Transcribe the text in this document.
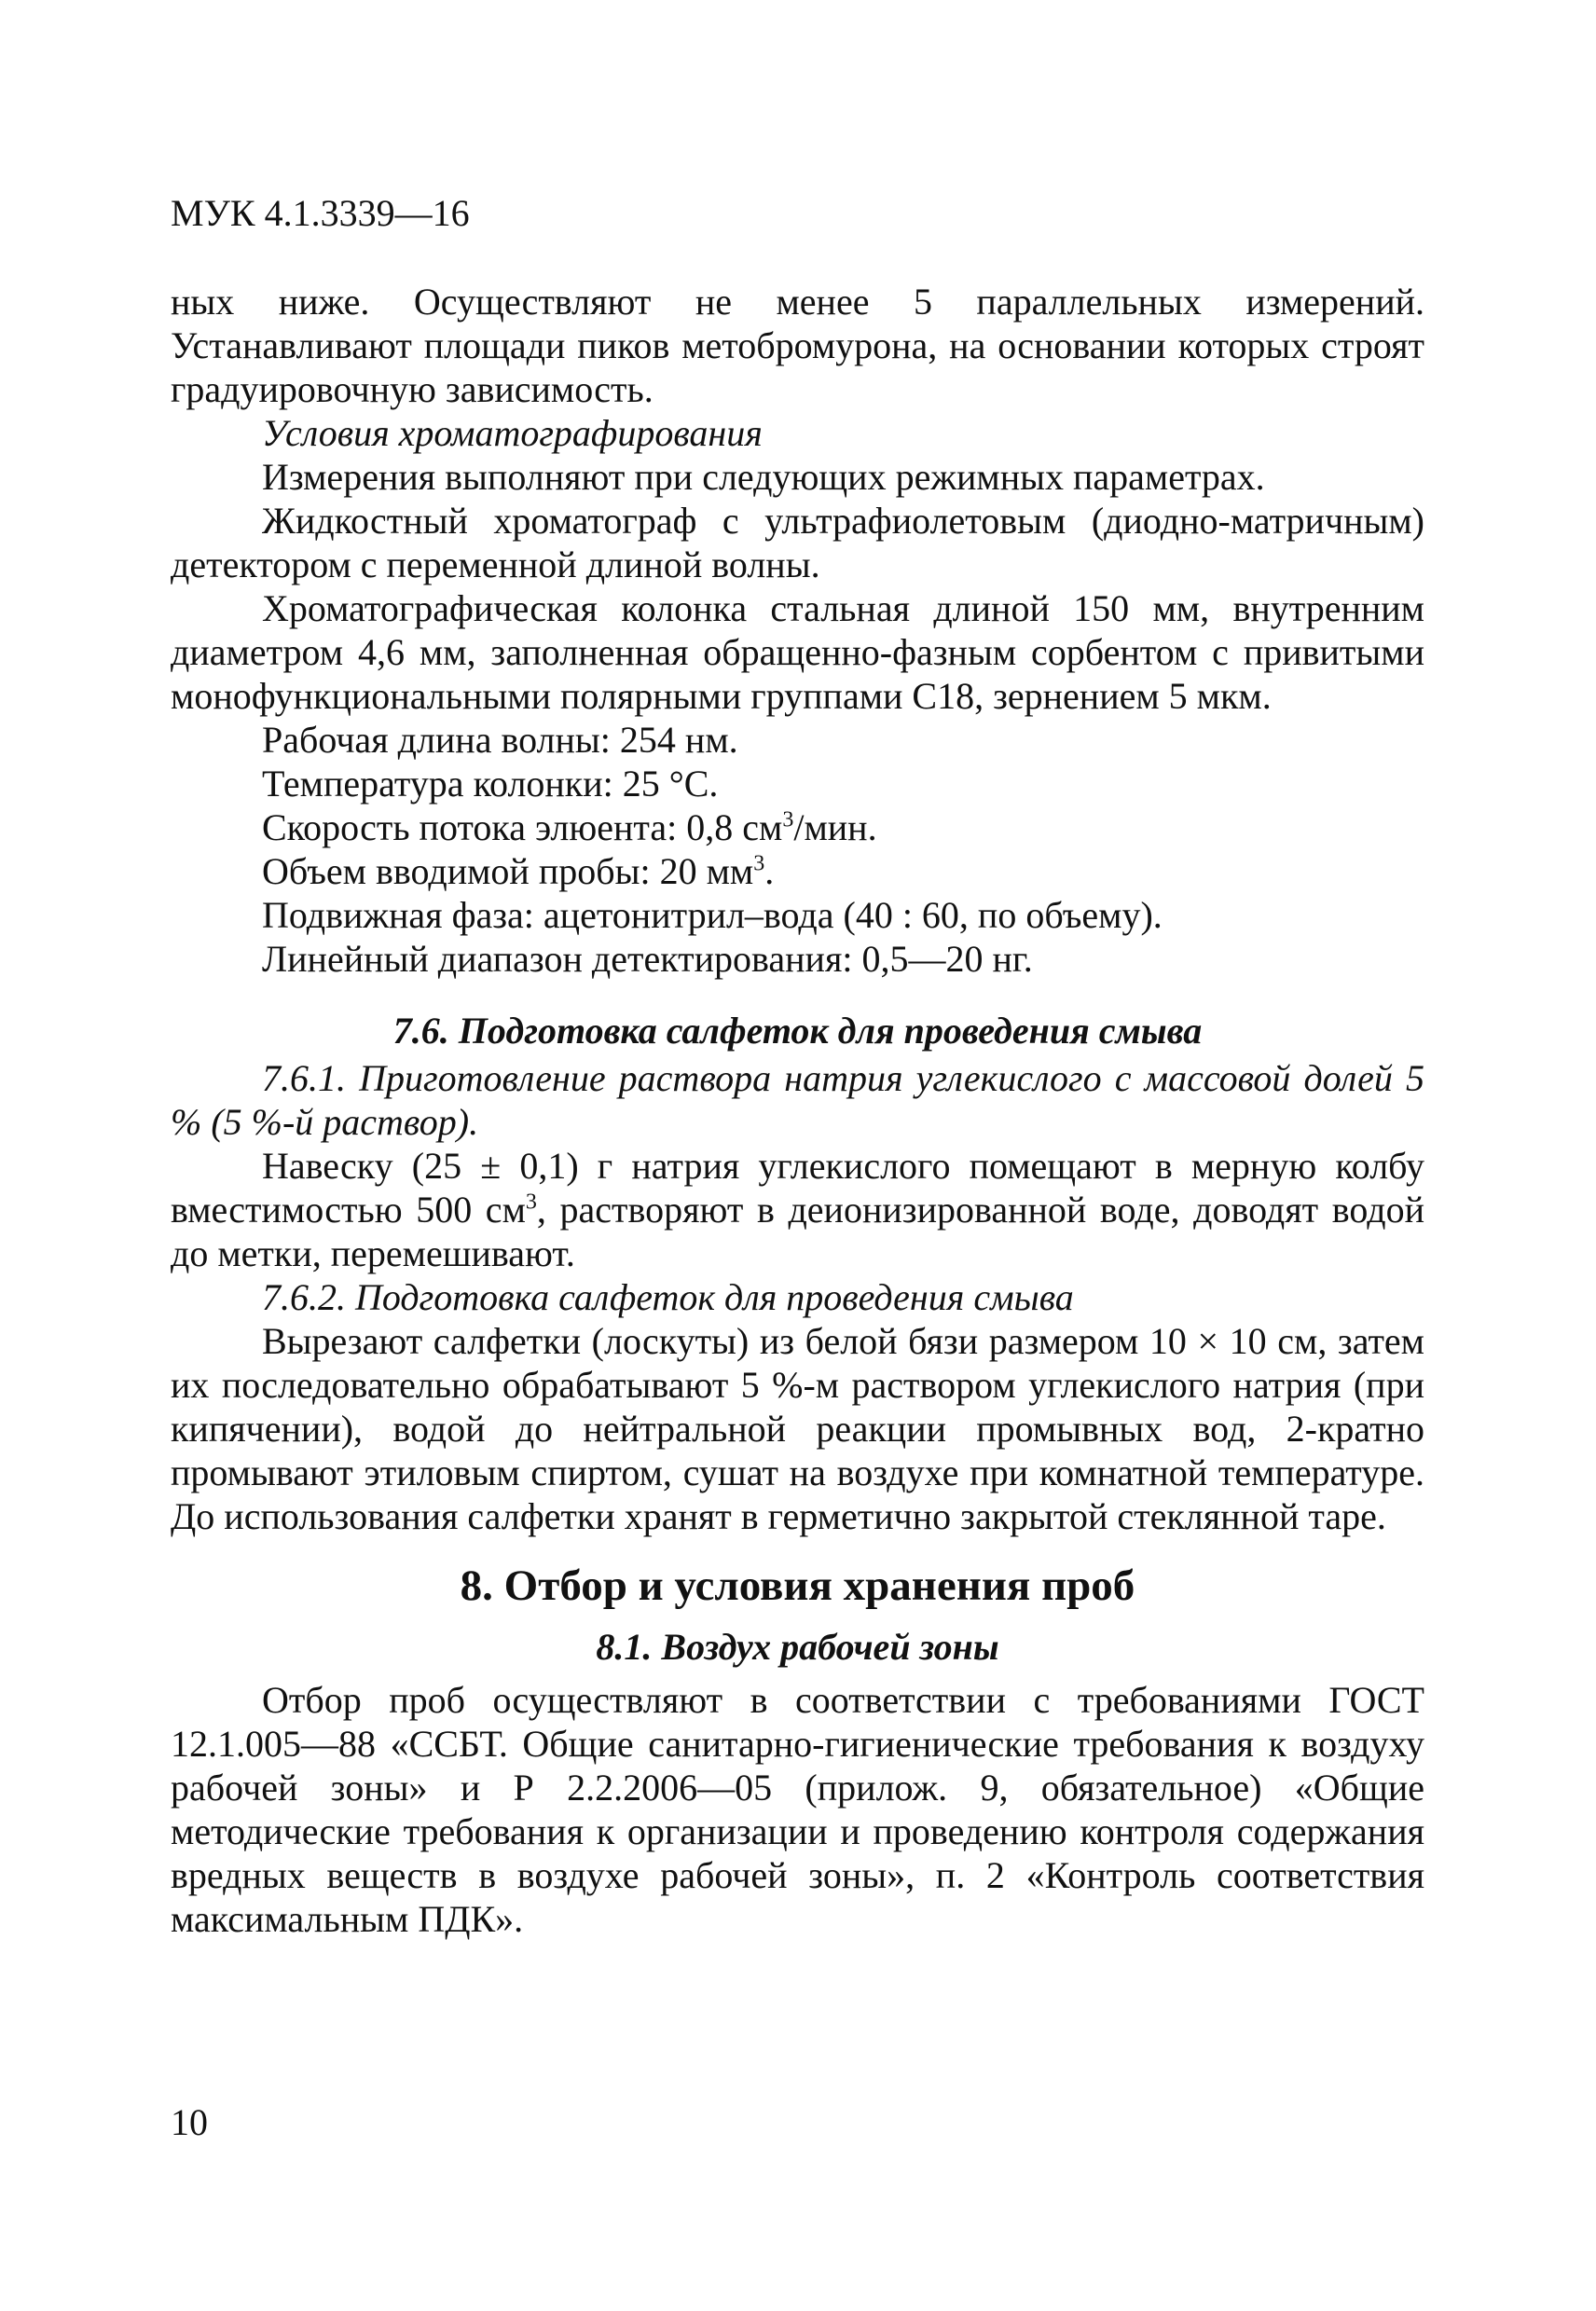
МУК 4.1.3339—16

ных ниже. Осуществляют не менее 5 параллельных измерений. Устанавливают площади пиков метобромурона, на основании которых строят градуировочную зависимость.

Условия хроматографирования

Измерения выполняют при следующих режимных параметрах.

Жидкостный хроматограф с ультрафиолетовым (диодно-матричным) детектором с переменной длиной волны.

Хроматографическая колонка стальная длиной 150 мм, внутренним диаметром 4,6 мм, заполненная обращенно-фазным сорбентом с привитыми монофункциональными полярными группами С18, зернением 5 мкм.

Рабочая длина волны: 254 нм.

Температура колонки: 25 °С.

Скорость потока элюента: 0,8 $см^3$/мин.

Объем вводимой пробы: 20 $мм^3$.

Подвижная фаза: ацетонитрил–вода (40 : 60, по объему).

Линейный диапазон детектирования: 0,5—20 нг.

7.6. Подготовка салфеток для проведения смыва

7.6.1. Приготовление раствора натрия углекислого с массовой долей 5 % (5 %-й раствор).

Навеску (25 ± 0,1) г натрия углекислого помещают в мерную колбу вместимостью 500 $см^3$, растворяют в деионизированной воде, доводят водой до метки, перемешивают.

7.6.2. Подготовка салфеток для проведения смыва

Вырезают салфетки (лоскуты) из белой бязи размером 10 × 10 см, затем их последовательно обрабатывают 5 %-м раствором углекислого натрия (при кипячении), водой до нейтральной реакции промывных вод, 2-кратно промывают этиловым спиртом, сушат на воздухе при комнатной температуре. До использования салфетки хранят в герметично закрытой стеклянной таре.

8. Отбор и условия хранения проб

8.1. Воздух рабочей зоны

Отбор проб осуществляют в соответствии с требованиями ГОСТ 12.1.005—88 «ССБТ. Общие санитарно-гигиенические требования к воздуху рабочей зоны» и Р 2.2.2006—05 (прилож. 9, обязательное) «Общие методические требования к организации и проведению контроля содержания вредных веществ в воздухе рабочей зоны», п. 2 «Контроль соответствия максимальным ПДК».

10
